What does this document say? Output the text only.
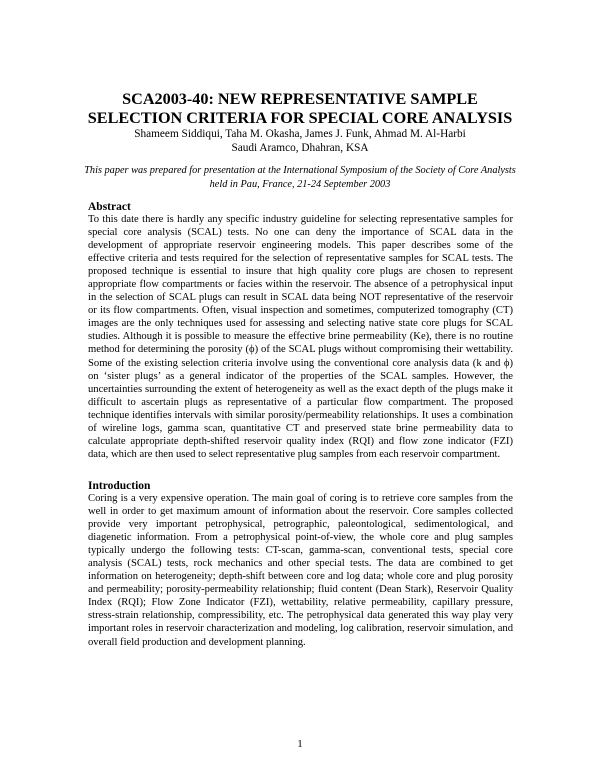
SCA2003-40: NEW REPRESENTATIVE SAMPLE
SELECTION CRITERIA FOR SPECIAL CORE ANALYSIS
Shameem Siddiqui, Taha M. Okasha, James J. Funk, Ahmad M. Al-Harbi
Saudi Aramco, Dhahran, KSA
This paper was prepared for presentation at the International Symposium of the Society of Core Analysts held in Pau, France, 21-24 September 2003
Abstract
To this date there is hardly any specific industry guideline for selecting representative samples for special core analysis (SCAL) tests. No one can deny the importance of SCAL data in the development of appropriate reservoir engineering models. This paper describes some of the effective criteria and tests required for the selection of representative samples for SCAL tests. The proposed technique is essential to insure that high quality core plugs are chosen to represent appropriate flow compartments or facies within the reservoir. The absence of a petrophysical input in the selection of SCAL plugs can result in SCAL data being NOT representative of the reservoir or its flow compartments. Often, visual inspection and sometimes, computerized tomography (CT) images are the only techniques used for assessing and selecting native state core plugs for SCAL studies. Although it is possible to measure the effective brine permeability (Ke), there is no routine method for determining the porosity (ϕ) of the SCAL plugs without compromising their wettability. Some of the existing selection criteria involve using the conventional core analysis data (k and ϕ) on ‘sister plugs’ as a general indicator of the properties of the SCAL samples. However, the uncertainties surrounding the extent of heterogeneity as well as the exact depth of the plugs make it difficult to ascertain plugs as representative of a particular flow compartment. The proposed technique identifies intervals with similar porosity/permeability relationships. It uses a combination of wireline logs, gamma scan, quantitative CT and preserved state brine permeability data to calculate appropriate depth-shifted reservoir quality index (RQI) and flow zone indicator (FZI) data, which are then used to select representative plug samples from each reservoir compartment.
Introduction
Coring is a very expensive operation. The main goal of coring is to retrieve core samples from the well in order to get maximum amount of information about the reservoir. Core samples collected provide very important petrophysical, petrographic, paleontological, sedimentological, and diagenetic information. From a petrophysical point-of-view, the whole core and plug samples typically undergo the following tests: CT-scan, gamma-scan, conventional tests, special core analysis (SCAL) tests, rock mechanics and other special tests. The data are combined to get information on heterogeneity; depth-shift between core and log data; whole core and plug porosity and permeability; porosity-permeability relationship; fluid content (Dean Stark), Reservoir Quality Index (RQI); Flow Zone Indicator (FZI), wettability, relative permeability, capillary pressure, stress-strain relationship, compressibility, etc. The petrophysical data generated this way play very important roles in reservoir characterization and modeling, log calibration, reservoir simulation, and overall field production and development planning.
1
